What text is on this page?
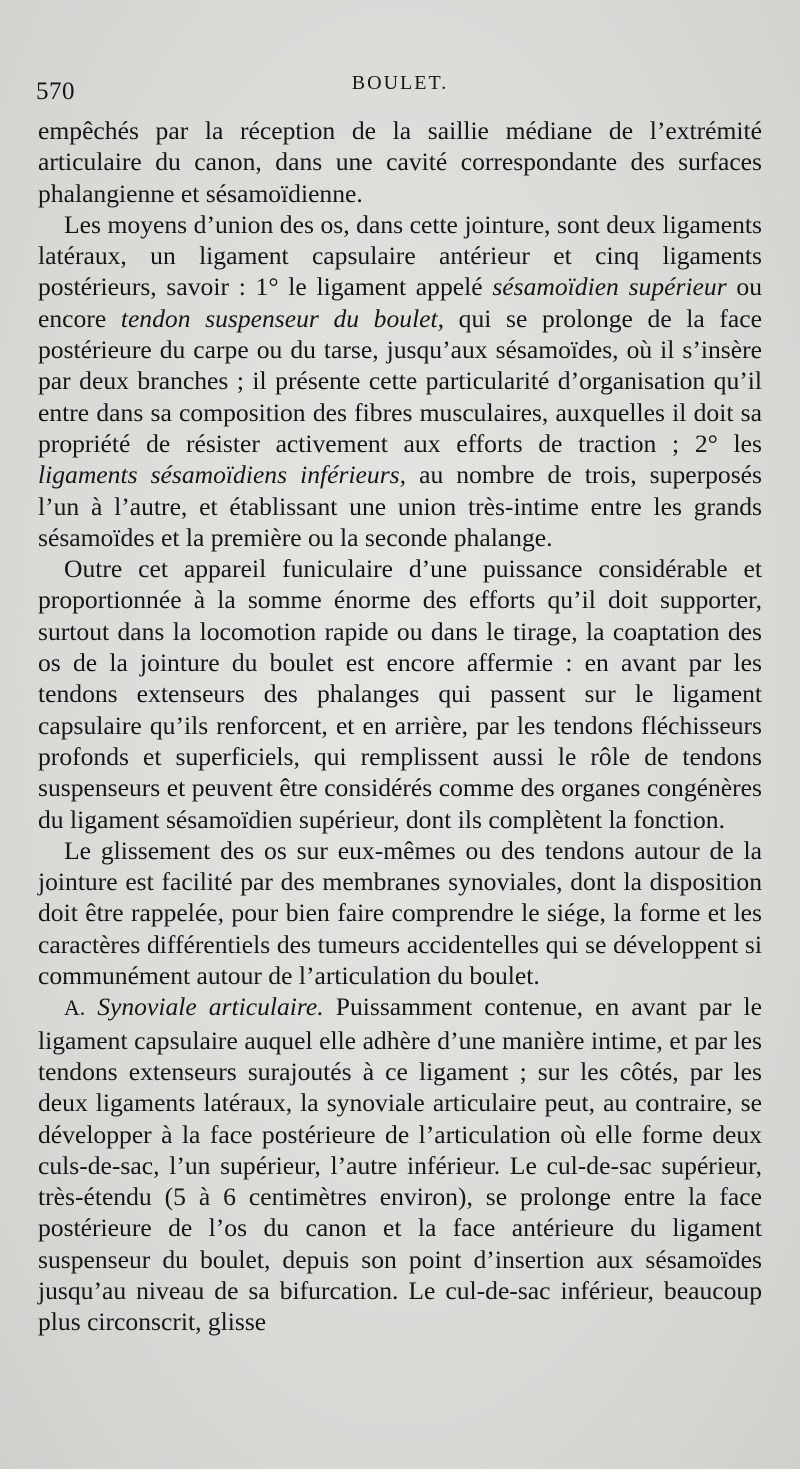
570	BOULET.

empêchés par la réception de la saillie médiane de l’extrémité articulaire du canon, dans une cavité correspondante des surfaces phalangienne et sésamoïdienne.

Les moyens d’union des os, dans cette jointure, sont deux ligaments latéraux, un ligament capsulaire antérieur et cinq ligaments postérieurs, savoir : 1° le ligament appelé sésamoïdien supérieur ou encore tendon suspenseur du boulet, qui se prolonge de la face postérieure du carpe ou du tarse, jusqu’aux sésamoïdes, où il s’insère par deux branches ; il présente cette particularité d’organisation qu’il entre dans sa composition des fibres musculaires, auxquelles il doit sa propriété de résister activement aux efforts de traction ; 2° les ligaments sésamoïdiens inférieurs, au nombre de trois, superposés l’un à l’autre, et établissant une union très-intime entre les grands sésamoïdes et la première ou la seconde phalange.

Outre cet appareil funiculaire d’une puissance considérable et proportionnée à la somme énorme des efforts qu’il doit supporter, surtout dans la locomotion rapide ou dans le tirage, la coaptation des os de la jointure du boulet est encore affermie : en avant par les tendons extenseurs des phalanges qui passent sur le ligament capsulaire qu’ils renforcent, et en arrière, par les tendons fléchisseurs profonds et superficiels, qui remplissent aussi le rôle de tendons suspenseurs et peuvent être considérés comme des organes congénères du ligament sésamoïdien supérieur, dont ils complètent la fonction.

Le glissement des os sur eux-mêmes ou des tendons autour de la jointure est facilité par des membranes synoviales, dont la disposition doit être rappelée, pour bien faire comprendre le siége, la forme et les caractères différentiels des tumeurs accidentelles qui se développent si communément autour de l’articulation du boulet.

A. Synoviale articulaire. Puissamment contenue, en avant par le ligament capsulaire auquel elle adhère d’une manière intime, et par les tendons extenseurs surajoutés à ce ligament ; sur les côtés, par les deux ligaments latéraux, la synoviale articulaire peut, au contraire, se développer à la face postérieure de l’articulation où elle forme deux culs-de-sac, l’un supérieur, l’autre inférieur. Le cul-de-sac supérieur, très-étendu (5 à 6 centimètres environ), se prolonge entre la face postérieure de l’os du canon et la face antérieure du ligament suspenseur du boulet, depuis son point d’insertion aux sésamoïdes jusqu’au niveau de sa bifurcation. Le cul-de-sac inférieur, beaucoup plus circonscrit, glisse
